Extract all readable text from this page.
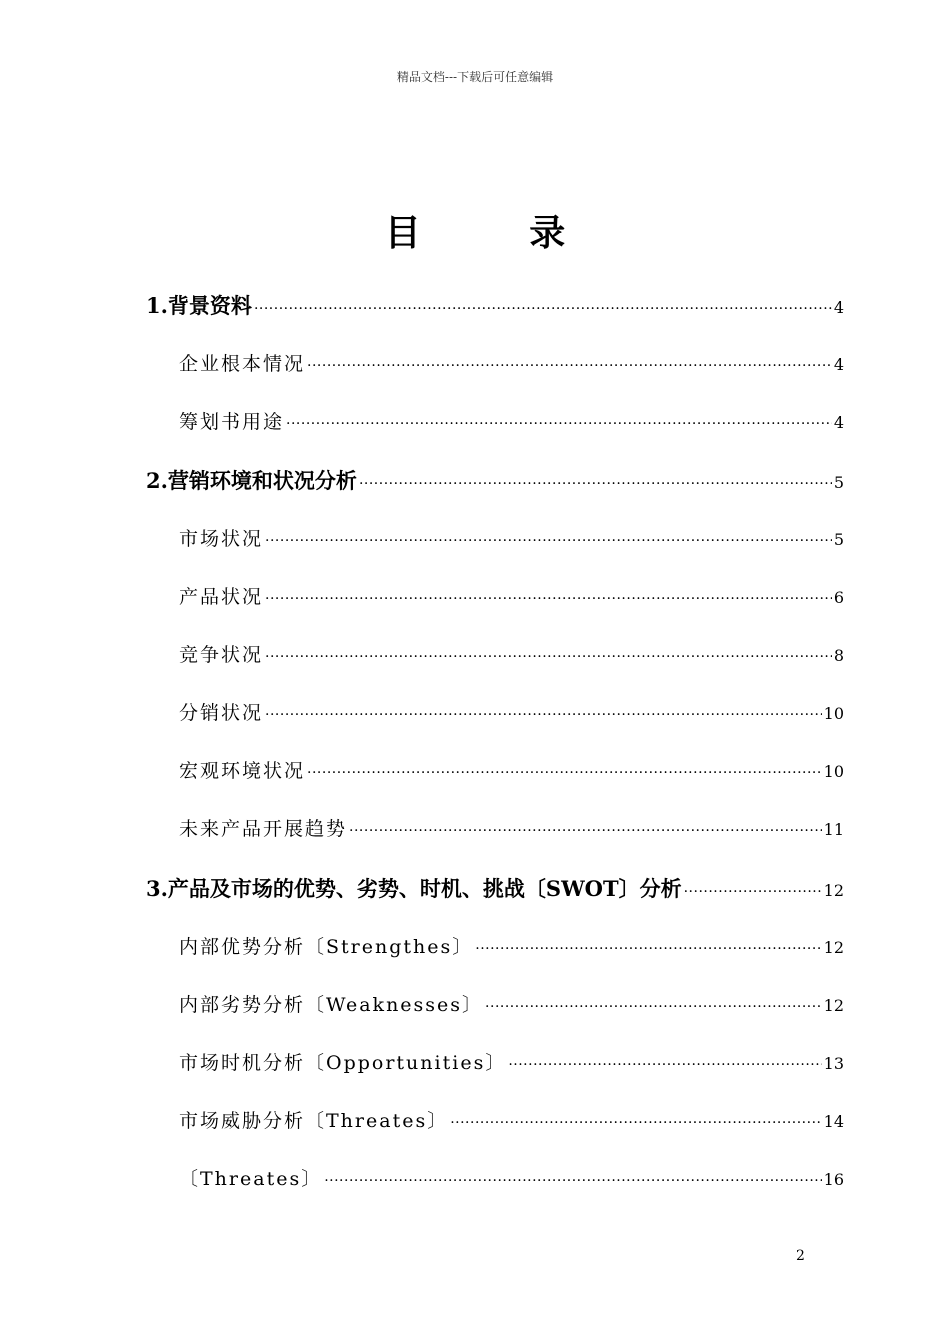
精品文档---下载后可任意编辑
目 录
1.背景资料 ·····	4
企业根本情况 ·····	4
筹划书用途 ·····	4
2.营销环境和状况分析 ·····	5
市场状况 ·····	5
产品状况 ·····	6
竞争状况 ·····	8
分销状况 ·····	10
宏观环境状况 ·····	10
未来产品开展趋势 ·····	11
3.产品及市场的优势、劣势、时机、挑战〔SWOT〕分析 ·····	12
内部优势分析〔Strengthes〕 ·····	12
内部劣势分析〔Weaknesses〕 ·····	12
市场时机分析〔Opportunities〕 ·····	13
市场威胁分析〔Threates〕 ·····	14
〔Threates〕 ·····	16
2
